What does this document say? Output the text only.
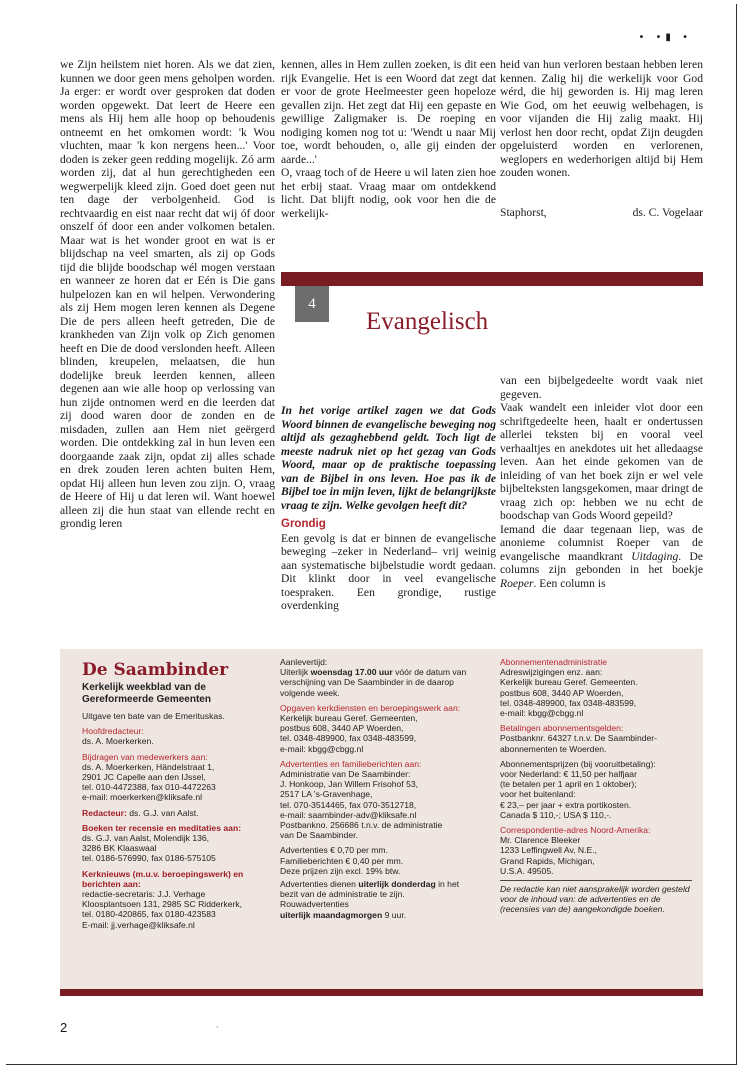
• •▮ •

we Zijn heilstem niet horen. Als we dat zien, kunnen we door geen mens geholpen worden. Ja erger: er wordt over gesproken dat doden worden opgewekt. Dat leert de Heere een mens als Hij hem alle hoop op behoudenis ontneemt en het omkomen wordt: 'k Wou vluchten, maar 'k kon nergens heen...' Voor doden is zeker geen redding mogelijk. Zó arm worden zij, dat al hun gerechtigheden een wegwerpelijk kleed zijn. Goed doet geen nut ten dage der verbolgenheid. God is rechtvaardig en eist naar recht dat wij óf door onszelf óf door een ander volkomen betalen. Maar wat is het wonder groot en wat is er blijdschap na veel smarten, als zij op Gods tijd die blijde boodschap wél mogen verstaan en wanneer ze horen dat er Eén is Die gans hulpelozen kan en wil helpen. Verwondering als zij Hem mogen leren kennen als Degene Die de pers alleen heeft getreden, Die de krankheden van Zijn volk op Zich genomen heeft en Die de dood verslonden heeft. Alleen blinden, kreupelen, melaatsen, die hun dodelijke breuk leerden kennen, alleen degenen aan wie alle hoop op verlossing van hun zijde ontnomen werd en die leerden dat zij dood waren door de zonden en de misdaden, zullen aan Hem niet geërgerd worden. Die ontdekking zal in hun leven een doorgaande zaak zijn, opdat zij alles schade en drek zouden leren achten buiten Hem, opdat Hij alleen hun leven zou zijn. O, vraag de Heere of Hij u dat leren wil. Want hoewel alleen zij die hun staat van ellende recht en grondig leren

kennen, alles in Hem zullen zoeken, is dit een rijk Evangelie. Het is een Woord dat zegt dat er voor de grote Heelmeester geen hopeloze gevallen zijn. Het zegt dat Hij een gepaste en gewillige Zaligmaker is. De roeping en nodiging komen nog tot u: 'Wendt u naar Mij toe, wordt behouden, o, alle gij einden der aarde...'

O, vraag toch of de Heere u wil laten zien hoe het erbij staat. Vraag maar om ontdekkend licht. Dat blijft nodig, ook voor hen die de werkelijk-

heid van hun verloren bestaan hebben leren kennen. Zalig hij die werkelijk voor God wérd, die hij geworden is. Hij mag leren Wie God, om het eeuwig welbehagen, is voor vijanden die Hij zalig maakt. Hij verlost hen door recht, opdat Zijn deugden opgeluisterd worden en verlorenen, weglopers en wederhorigen altijd bij Hem zouden wonen.

Staphorst,	ds. C. Vogelaar
4
Evangelisch

In het vorige artikel zagen we dat Gods Woord binnen de evangelische beweging nog altijd als gezaghebbend geldt. Toch ligt de meeste nadruk niet op het gezag van Gods Woord, maar op de praktische toepassing van de Bijbel in ons leven. Hoe pas ik de Bijbel toe in mijn leven, lijkt de belangrijkste vraag te zijn. Welke gevolgen heeft dit?

Grondig

Een gevolg is dat er binnen de evangelische beweging –zeker in Nederland– vrij weinig aan systematische bijbelstudie wordt gedaan. Dit klinkt door in veel evangelische toespraken. Een grondige, rustige overdenking

van een bijbelgedeelte wordt vaak niet gegeven.

Vaak wandelt een inleider vlot door een schriftgedeelte heen, haalt er ondertussen allerlei teksten bij en vooral veel verhaaltjes en anekdotes uit het alledaagse leven. Aan het einde gekomen van de inleiding of van het boek zijn er wel vele bijbelteksten langsgekomen, maar dringt de vraag zich op: hebben we nu echt de boodschap van Gods Woord gepeild?

Iemand die daar tegenaan liep, was de anonieme columnist Roeper van de evangelische maandkrant Uitdaging. De columns zijn gebonden in het boekje Roeper. Een column is

De Saambinder
Kerkelijk weekblad van de Gereformeerde Gemeenten

Uitgave ten bate van de Emerituskas.

Hoofdredacteur:

ds. A. Moerkerken.

Bijdragen van medewerkers aan:

ds. A. Moerkerken, Händelstraat 1,

2901 JC Capelle aan den IJssel,

tel. 010-4472388, fax 010-4472263

e-mail: moerkerken@kliksafe.nl

Redacteur: ds. G.J. van Aalst.

Boeken ter recensie en meditaties aan:

ds. G.J. van Aalst, Molendijk 136,

3286 BK Klaaswaal

tel. 0186-576990, fax 0186-575105

Kerknieuws (m.u.v. beroepingswerk) en berichten aan:

redactie-secretaris: J.J. Verhage

Kloosplantsoen 131, 2985 SC Ridderkerk,

tel. 0180-420865, fax 0180-423583

E-mail: jj.verhage@kliksafe.nl

Aanlevertijd:

Uiterlijk woensdag 17.00 uur vóór de datum van verschijning van De Saambinder in de daarop volgende week.

Opgaven kerkdiensten en beroepingswerk aan:

Kerkelijk bureau Geref. Gemeenten,

postbus 608, 3440 AP Woerden,

tel. 0348-489900, fax 0348-483599,

e-mail: kbgg@cbgg.nl

Advertenties en familieberichten aan:

Administratie van De Saambinder:

J. Honkoop, Jan Willem Frisohof 53,

2517 LA 's-Gravenhage,

tel. 070-3514465, fax 070-3512718,

e-mail: saambinder-adv@kliksafe.nl

Postbankno. 256686 t.n.v. de administratie

van De Saambinder.

Advertenties € 0,70 per mm.

Familieberichten € 0,40 per mm.

Deze prijzen zijn excl. 19% btw.

Advertenties dienen uiterlijk donderdag in het bezit van de administratie te zijn.

Rouwadvertenties

uiterlijk maandagmorgen 9 uur.

Abonnementenadministratie

Adreswijzigingen enz. aan:

Kerkelijk bureau Geref. Gemeenten.

postbus 608, 3440 AP Woerden,

tel. 0348-489900, fax 0348-483599,

e-mail: kbgg@cbgg.nl

Betalingen abonnementsgelden:

Postbanknr. 64327 t.n.v. De Saambinder-

abonnementen te Woerden.

Abonnementsprijzen (bij vooruitbetaling):

voor Nederland: € 11,50 per halfjaar

(te betalen per 1 april en 1 oktober);

voor het buitenland:

€ 23,– per jaar + extra portikosten.

Canada $ 110,-; USA $ 110,-.

Correspondentie-adres Noord-Amerika:

Mr. Clarence Bleeker

1233 Leffingwell Av, N.E.,

Grand Rapids, Michigan,

U.S.A. 49505.

De redactie kan niet aansprakelijk worden gesteld voor de inhoud van: de advertenties en de (recensies van de) aangekondigde boeken.

2	·
